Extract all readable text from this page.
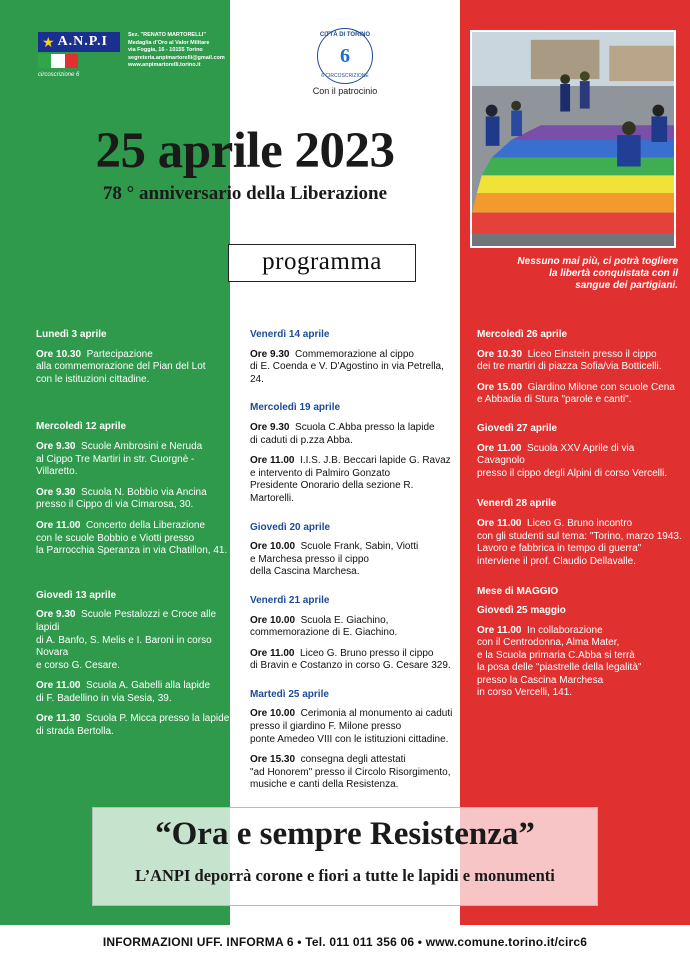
★ A.N.P.I
circoscrizione 6
Sez. "RENATO MARTORELLI"
Medaglia d'Oro al Valor Militare
via Foggia, 16 - 10155 Torino
segreteria.anpimartorelli@gmail.com
www.anpimartorelli.torino.it
CITTÀ DI TORINO
6
6 CIRCOSCRIZIONE
Con il patrocinio
25 aprile 2023
78 ° anniversario della Liberazione
programma	Nessuno mai più, ci potrà togliere
la libertà conquistata con il
sangue dei partigiani.
Lunedì 3 aprile
Ore 10.30 Partecipazione
alla commemorazione del Pian del Lot
con le istituzioni cittadine.
Mercoledì 12 aprile
Ore 9.30 Scuole Ambrosini e Neruda
al Cippo Tre Martiri in str. Cuorgnè - Villaretto.
Ore 9.30 Scuola N. Bobbio via Ancina
presso il Cippo di via Cimarosa, 30.
Ore 11.00 Concerto della Liberazione
con le scuole Bobbio e Viotti presso
la Parrocchia Speranza in via Chatillon, 41.
Giovedì 13 aprile
Ore 9.30 Scuole Pestalozzi e Croce alle lapidi
di A. Banfo, S. Melis e I. Baroni in corso Novara
e corso G. Cesare.
Ore 11.00 Scuola A. Gabelli alla lapide
di F. Badellino in via Sesia, 39.
Ore 11.30 Scuola P. Micca presso la lapide
di strada Bertolla.
Venerdì 14 aprile
Ore 9.30 Commemorazione al cippo
di E. Coenda e V. D'Agostino in via Petrella, 24.
Mercoledì 19 aprile
Ore 9.30 Scuola C.Abba presso la lapide
di caduti di p.zza Abba.
Ore 11.00 I.I.S. J.B. Beccari lapide G. Ravaz
e intervento di Palmiro Gonzato
Presidente Onorario della sezione R. Martorelli.
Giovedì 20 aprile
Ore 10.00 Scuole Frank, Sabin, Viotti
e Marchesa presso il cippo
della Cascina Marchesa.
Venerdì 21 aprile
Ore 10.00 Scuola E. Giachino,
commemorazione di E. Giachino.
Ore 11.00 Liceo G. Bruno presso il cippo
di Bravin e Costanzo in corso G. Cesare 329.
Martedì 25 aprile
Ore 10.00 Cerimonia al monumento ai caduti
presso il giardino F. Milone presso
ponte Amedeo VIII con le istituzioni cittadine.
Ore 15.30 consegna degli attestati
"ad Honorem" presso il Circolo Risorgimento,
musiche e canti della Resistenza.
Mercoledì 26 aprile
Ore 10.30 Liceo Einstein presso il cippo
dei tre martiri di piazza Sofia/via Botticelli.
Ore 15.00 Giardino Milone con scuole Cena
e Abbadia di Stura "parole e canti".
Giovedì 27 aprile
Ore 11.00 Scuola XXV Aprile di via Cavagnolo
presso il cippo degli Alpini di corso Vercelli.
Venerdì 28 aprile
Ore 11.00 Liceo G. Bruno incontro
con gli studenti sul tema: "Torino, marzo 1943.
Lavoro e fabbrica in tempo di guerra"
interviene il prof. Claudio Dellavalle.
Mese di MAGGIO
Giovedì 25 maggio
Ore 11.00 In collaborazione
con il Centrodonna, Alma Mater,
e la Scuola primaria C.Abba si terrà
la posa delle "piastrelle della legalità"
presso la Cascina Marchesa
in corso Vercelli, 141.
“Ora e sempre Resistenza”
L’ANPI deporrà corone e fiori a tutte le lapidi e monumenti
INFORMAZIONI UFF. INFORMA 6 • Tel. 011 011 356 06 • www.comune.torino.it/circ6
